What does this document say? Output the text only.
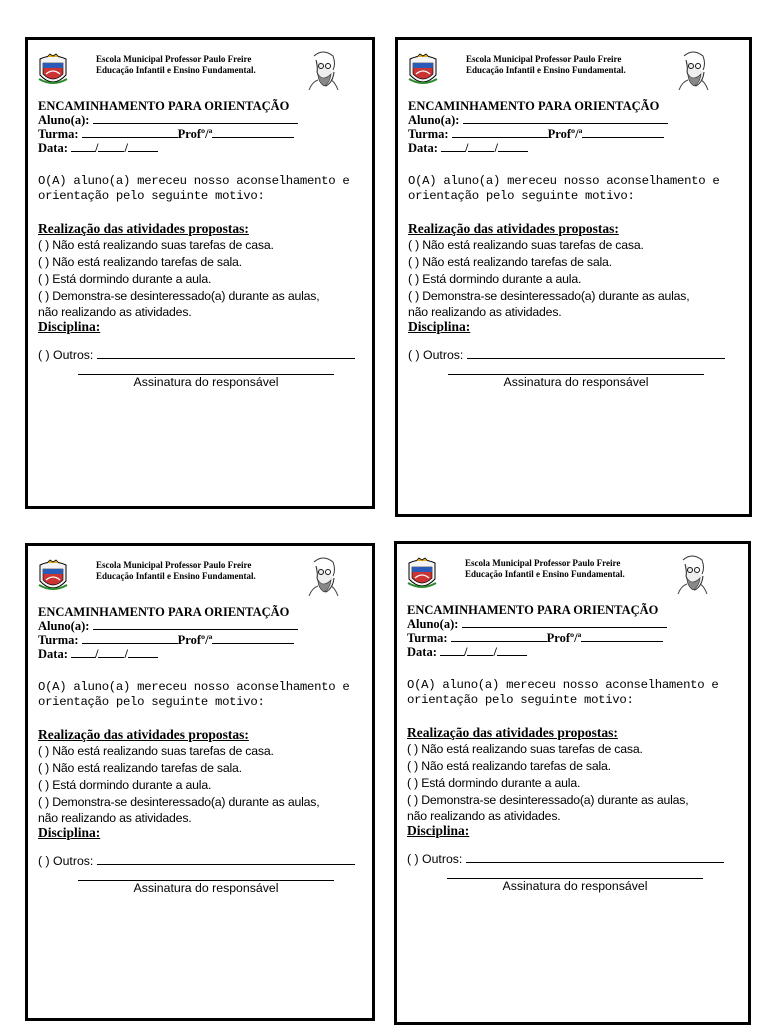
Escola Municipal Professor Paulo Freire
Educação Infantil e Ensino Fundamental.
ENCAMINHAMENTO PARA ORIENTAÇÃO
Aluno(a):
Turma:	Profº/ª
Data: / /
O(A) aluno(a) mereceu nosso aconselhamento e
orientação pelo seguinte motivo:
Realização das atividades propostas:
( ) Não está realizando suas tarefas de casa.
( ) Não está realizando tarefas de sala.
( ) Está dormindo durante a aula.
( ) Demonstra-se desinteressado(a) durante as aulas,
não realizando as atividades.
Disciplina:
( ) Outros:
Assinatura do responsável
Escola Municipal Professor Paulo Freire
Educação Infantil e Ensino Fundamental.
ENCAMINHAMENTO PARA ORIENTAÇÃO
Aluno(a):
Turma:	Profº/ª
Data: / /
O(A) aluno(a) mereceu nosso aconselhamento e
orientação pelo seguinte motivo:
Realização das atividades propostas:
( ) Não está realizando suas tarefas de casa.
( ) Não está realizando tarefas de sala.
( ) Está dormindo durante a aula.
( ) Demonstra-se desinteressado(a) durante as aulas,
não realizando as atividades.
Disciplina:
( ) Outros:
Assinatura do responsável
Escola Municipal Professor Paulo Freire
Educação Infantil e Ensino Fundamental.
ENCAMINHAMENTO PARA ORIENTAÇÃO
Aluno(a):
Turma:	Profº/ª
Data: / /
O(A) aluno(a) mereceu nosso aconselhamento e
orientação pelo seguinte motivo:
Realização das atividades propostas:
( ) Não está realizando suas tarefas de casa.
( ) Não está realizando tarefas de sala.
( ) Está dormindo durante a aula.
( ) Demonstra-se desinteressado(a) durante as aulas,
não realizando as atividades.
Disciplina:
( ) Outros:
Assinatura do responsável
Escola Municipal Professor Paulo Freire
Educação Infantil e Ensino Fundamental.
ENCAMINHAMENTO PARA ORIENTAÇÃO
Aluno(a):
Turma:	Profº/ª
Data: / /
O(A) aluno(a) mereceu nosso aconselhamento e
orientação pelo seguinte motivo:
Realização das atividades propostas:
( ) Não está realizando suas tarefas de casa.
( ) Não está realizando tarefas de sala.
( ) Está dormindo durante a aula.
( ) Demonstra-se desinteressado(a) durante as aulas,
não realizando as atividades.
Disciplina:
( ) Outros:
Assinatura do responsável
